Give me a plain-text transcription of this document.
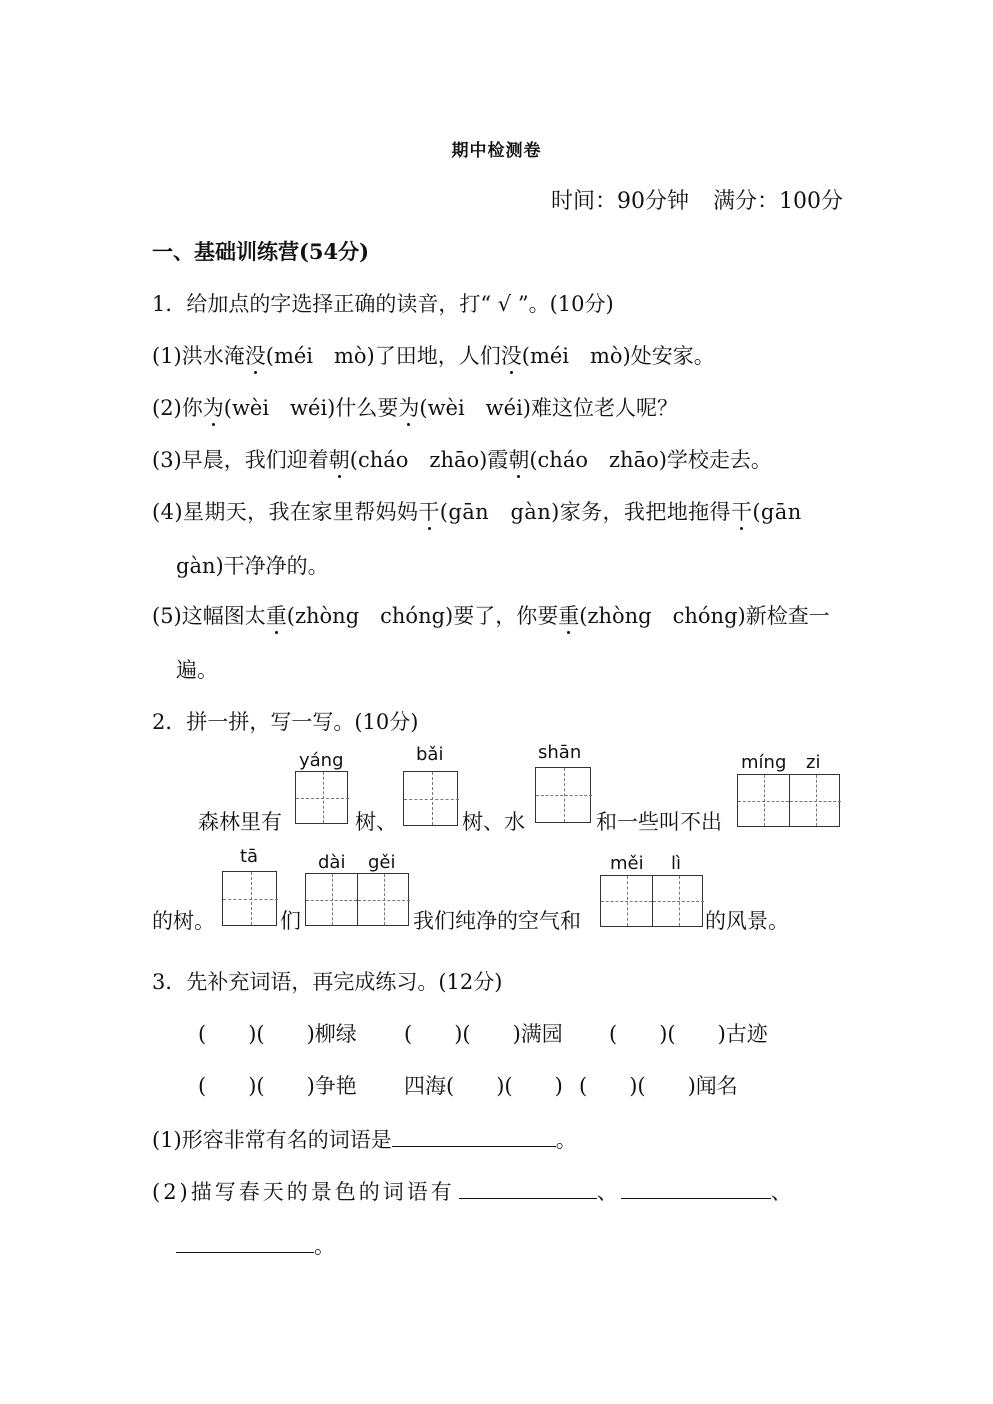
期中检测卷
时间：90分钟 满分：100分
一、基础训练营(54分)
1．给加点的字选择正确的读音，打“ √ ”。(10分)
(1)洪水淹没(méi　mò)了田地，人们没(méi　mò)处安家。
(2)你为(wèi　wéi)什么要为(wèi　wéi)难这位老人呢？
(3)早晨，我们迎着朝(cháo　zhāo)霞朝(cháo　zhāo)学校走去。
(4)星期天，我在家里帮妈妈干(gān　gàn)家务，我把地拖得干(gān
gàn)干净净的。
(5)这幅图太重(zhòng　chóng)要了，你要重(zhòng　chóng)新检查一
遍。
2．拼一拼，写一写。(10分)
森林里有	树、	树、水	和一些叫不出
yáng	bǎi	shān	míng zi
的树。	们	我们纯净的空气和	的风景。
tā	dài gěi	měi lì
3．先补充词语，再完成练习。(12分)
(　　)(　　)柳绿 (　　)(　　)满园 (　　)(　　)古迹
(　　)(　　)争艳 四海(　　)(　　) (　　)(　　)闻名
(1)形容非常有名的词语是	。
(2)描写春天的景色的词语有	、	、
。
